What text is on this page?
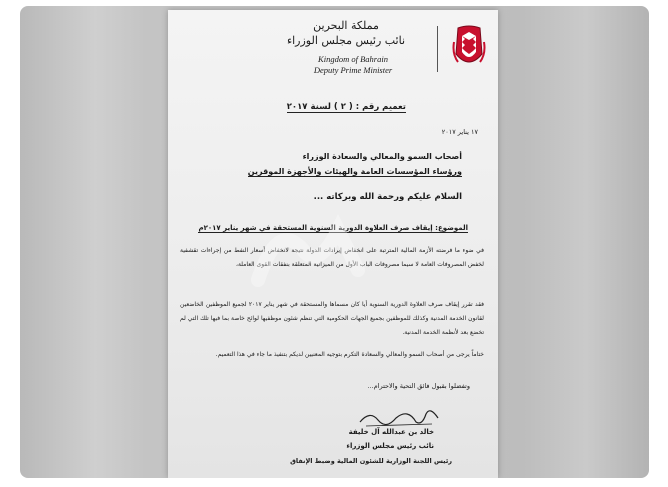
مملكة البحرين
نائب رئيس مجلس الوزراء
Kingdom of Bahrain
Deputy Prime Minister
تعميم رقم : ( ٢ ) لسنة ٢٠١٧
١٧ يناير ٢٠١٧
أصحاب السمو والمعالي والسعادة الوزراء
ورؤساء المؤسسات العامة والهيئات والأجهزة الموقرين
السلام عليكم ورحمة الله وبركاته ...
الموضوع: إيقاف صرف العلاوة الدورية السنوية المستحقة في شهر يناير ٢٠١٧م
في ضوء ما فرضته الأزمة المالية المترتبة على انخفاض إيرادات الدولة نتيجة لانخفاض أسعار النفط من إجراءات تقشفية لخفض المصروفات العامة لا سيما مصروفات الباب الأول من الميزانية المتعلقة بنفقات القوى العاملة،
فقد تقرر إيقاف صرف العلاوة الدورية السنوية أيا كان مسماها والمستحقة في شهر يناير ٢٠١٧ لجميع الموظفين الخاضعين لقانون الخدمة المدنية وكذلك للموظفين بجميع الجهات الحكومية التي تنظم شئون موظفيها لوائح خاصة بما فيها تلك التي لم تخضع بعد لأنظمة الخدمة المدنية.
ختاماً يرجى من أصحاب السمو والمعالي والسعادة التكرم بتوجيه المعنيين لديكم بتنفيذ ما جاء في هذا التعميم.
وتفضلوا بقبول فائق التحية والاحترام...
خالد بن عبدالله آل خليفة
نائب رئيس مجلس الوزراء
رئيس اللجنة الوزارية للشئون المالية وضبط الإنفاق
